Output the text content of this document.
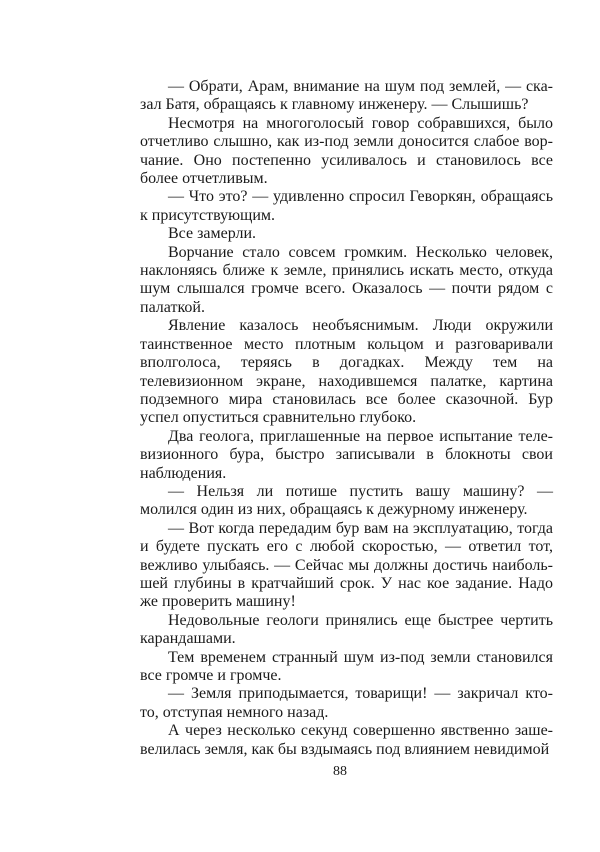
— Обрати, Арам, внимание на шум под землей, — сказал Батя, обращаясь к главному инженеру. — Слышишь?

Несмотря на многоголосый говор собравшихся, было отчетливо слышно, как из-под земли доносится слабое ворчание. Оно постепенно усиливалось и становилось все более отчетливым.

— Что это? — удивленно спросил Геворкян, обращаясь к присутствующим.

Все замерли.

Ворчание стало совсем громким. Несколько человек, наклоняясь ближе к земле, принялись искать место, откуда шум слышался громче всего. Оказалось — почти рядом с палаткой.

Явление казалось необъяснимым. Люди окружили таинственное место плотным кольцом и разговаривали вполголоса, теряясь в догадках. Между тем на телевизионном экране, находившемся палатке, картина подземного мира становилась все более сказочной. Бур успел опуститься сравнительно глубоко.

Два геолога, приглашенные на первое испытание телевизионного бура, быстро записывали в блокноты свои наблюдения.

— Нельзя ли потише пустить вашу машину? — молился один из них, обращаясь к дежурному инженеру.

— Вот когда передадим бур вам на эксплуатацию, тогда и будете пускать его с любой скоростью, — ответил тот, вежливо улыбаясь. — Сейчас мы должны достичь наибольшей глубины в кратчайший срок. У нас кое задание. Надо же проверить машину!

Недовольные геологи принялись еще быстрее чертить карандашами.

Тем временем странный шум из-под земли становился все громче и громче.

— Земля приподымается, товарищи! — закричал кто-то, отступая немного назад.

А через несколько секунд совершенно явственно зашевелилась земля, как бы вздымаясь под влиянием невидимой

88
